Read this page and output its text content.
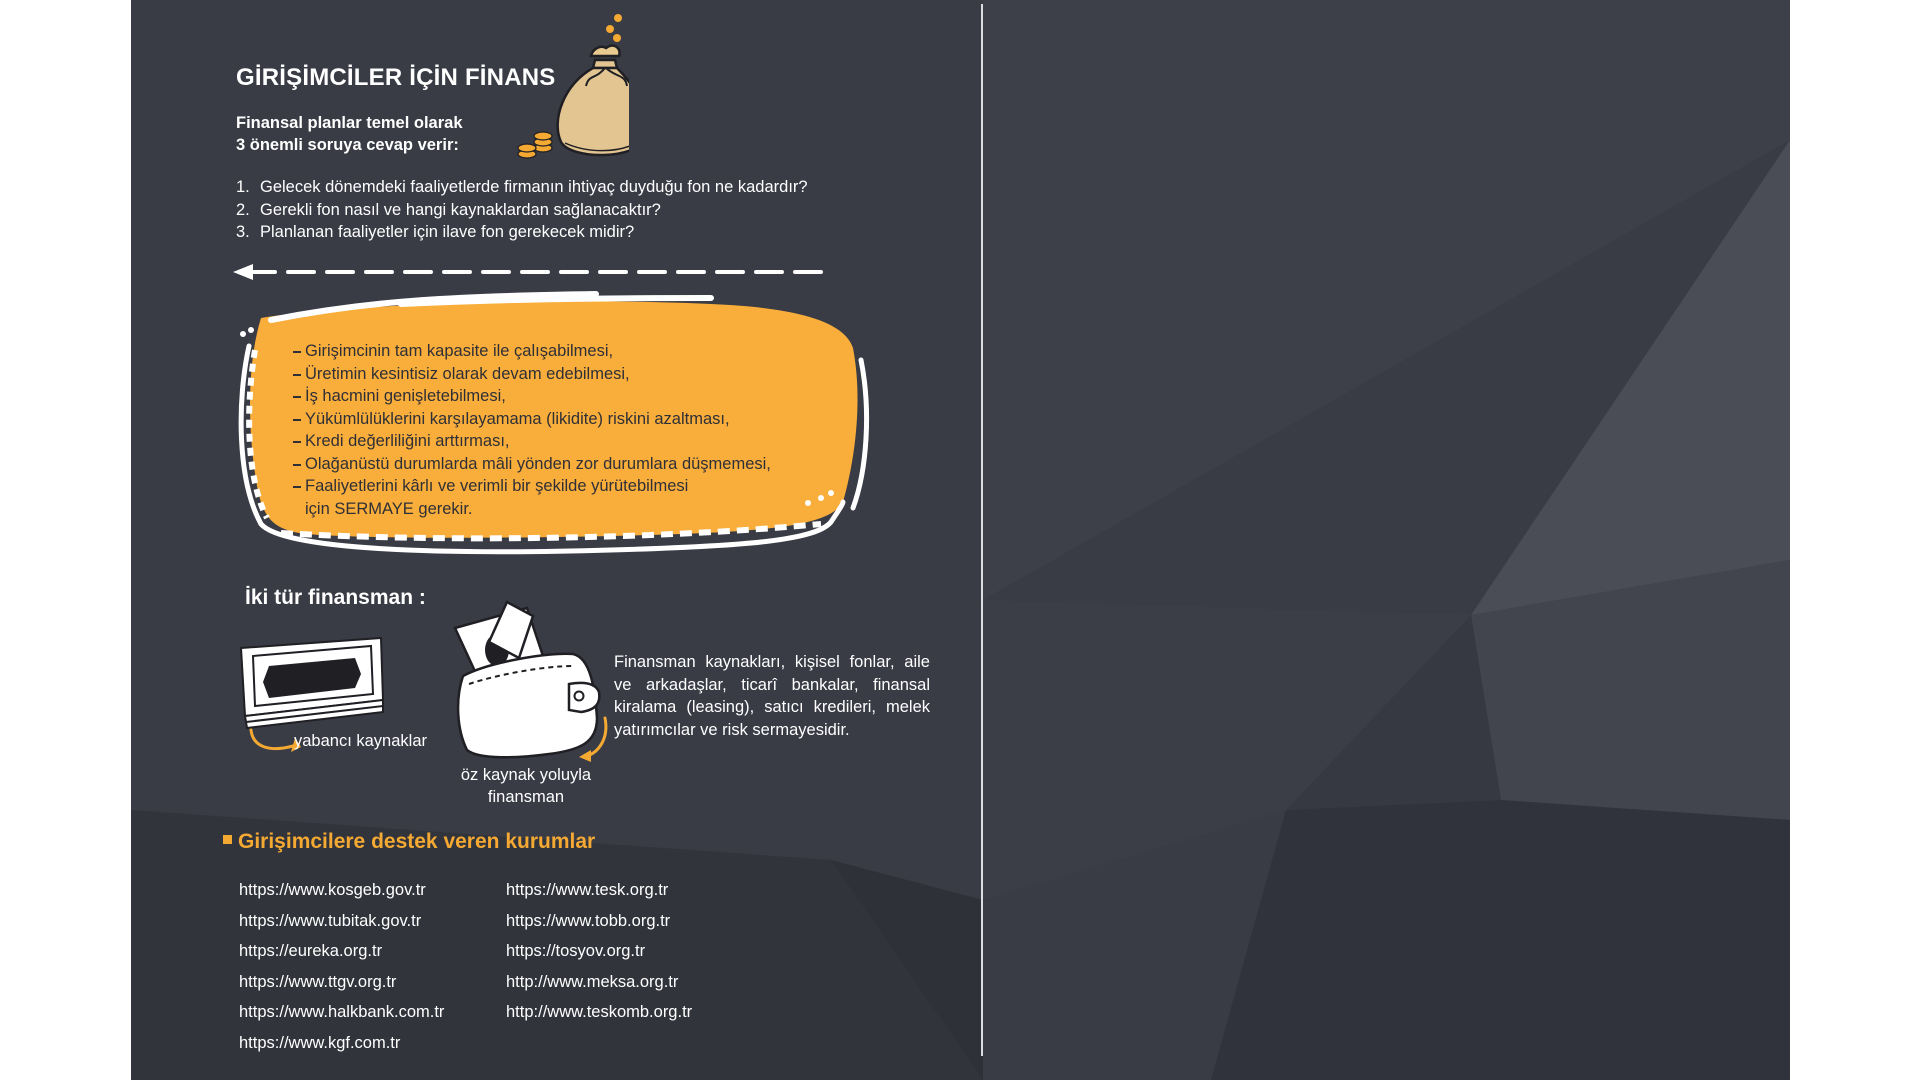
GİRİŞİMCİLER İÇİN FİNANS
Finansal planlar temel olarak
3 önemli soruya cevap verir:
1. Gelecek dönemdeki faaliyetlerde firmanın ihtiyaç duyduğu fon ne kadardır?
2. Gerekli fon nasıl ve hangi kaynaklardan sağlanacaktır?
3. Planlanan faaliyetler için ilave fon gerekecek midir?
Girişimcinin tam kapasite ile çalışabilmesi,
Üretimin kesintisiz olarak devam edebilmesi,
İş hacmini genişletebilmesi,
Yükümlülüklerini karşılayamama (likidite) riskini azaltması,
Kredi değerliliğini arttırması,
Olağanüstü durumlarda mâli yönden zor durumlara düşmemesi,
Faaliyetlerini kârlı ve verimli bir şekilde yürütebilmesi
için SERMAYE gerekir.
İki tür finansman :
yabancı kaynaklar
öz kaynak yoluyla
finansman
Finansman kaynakları, kişisel fonlar, aile ve arkadaşlar, ticarî bankalar, finansal kiralama (leasing), satıcı kredileri, melek yatırımcılar ve risk sermayesidir.
Girişimcilere destek veren kurumlar
https://www.kosgeb.gov.tr
https://www.tubitak.gov.tr
https://eureka.org.tr
https://www.ttgv.org.tr
https://www.halkbank.com.tr
https://www.kgf.com.tr
https://www.tesk.org.tr
https://www.tobb.org.tr
https://tosyov.org.tr
http://www.meksa.org.tr
http://www.teskomb.org.tr
